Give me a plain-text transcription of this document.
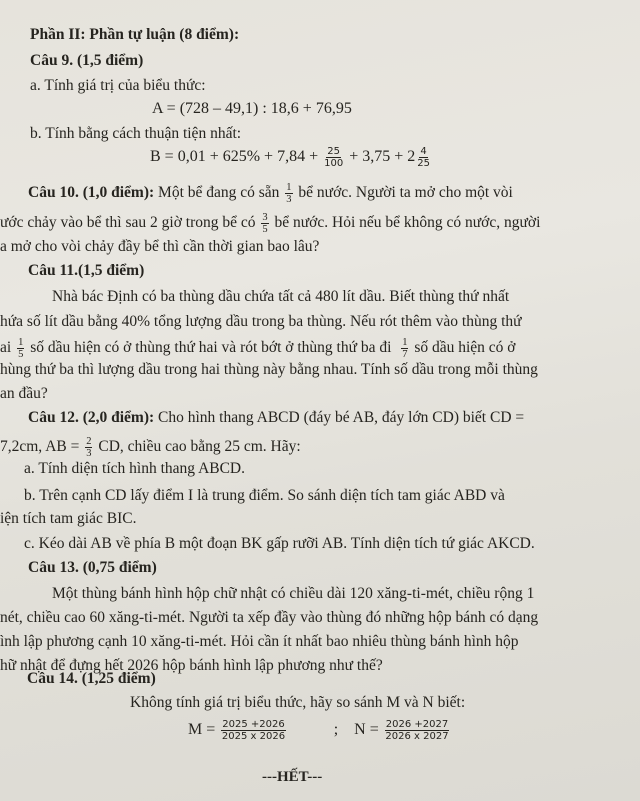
Phần II: Phần tự luận (8 điểm):
Câu 9. (1,5 điểm)
a. Tính giá trị của biểu thức:
A = (728 – 49,1) : 18,6 + 76,95
b. Tính bằng cách thuận tiện nhất:
$B = 0,01 + 625\% + 7,84 + \frac{25}{100} + 3,75 + 2 \frac{4}{25}$
Câu 10. (1,0 điểm): Một bể đang có sẵn $\frac{1}{3}$ bể nước. Người ta mở cho một vòi
ước chảy vào bể thì sau 2 giờ trong bể có $\frac{3}{5}$ bể nước. Hỏi nếu bể không có nước, người
a mở cho vòi chảy đầy bể thì cần thời gian bao lâu?
Câu 11.(1,5 điểm)
Nhà bác Định có ba thùng dầu chứa tất cả 480 lít dầu. Biết thùng thứ nhất
hứa số lít dầu bằng 40% tổng lượng dầu trong ba thùng. Nếu rót thêm vào thùng thứ
ai $\frac{1}{5}$ số dầu hiện có ở thùng thứ hai và rót bớt ở thùng thứ ba đi $\frac{1}{7}$ số dầu hiện có ở
hùng thứ ba thì lượng dầu trong hai thùng này bằng nhau. Tính số dầu trong mỗi thùng
an đầu?
Câu 12. (2,0 điểm): Cho hình thang ABCD (đáy bé AB, đáy lớn CD) biết CD =
7,2cm, AB = $\frac{2}{3}$ CD, chiều cao bằng 25 cm. Hãy:
a. Tính diện tích hình thang ABCD.
b. Trên cạnh CD lấy điểm I là trung điểm. So sánh diện tích tam giác ABD và
iện tích tam giác BIC.
c. Kéo dài AB về phía B một đoạn BK gấp rưỡi AB. Tính diện tích tứ giác AKCD.
Câu 13. (0,75 điểm)
Một thùng bánh hình hộp chữ nhật có chiều dài 120 xăng-ti-mét, chiều rộng 1
nét, chiều cao 60 xăng-ti-mét. Người ta xếp đầy vào thùng đó những hộp bánh có dạng
ình lập phương cạnh 10 xăng-ti-mét. Hỏi cần ít nhất bao nhiêu thùng bánh hình hộp
hữ nhật để đựng hết 2026 hộp bánh hình lập phương như thế?
Câu 14. (1,25 điểm)
Không tính giá trị biểu thức, hãy so sánh M và N biết:
$M = \frac{2025 +2026}{2025 x 2026}$	; $N = \frac{2026 +2027}{2026 x 2027}$
---HẾT---
